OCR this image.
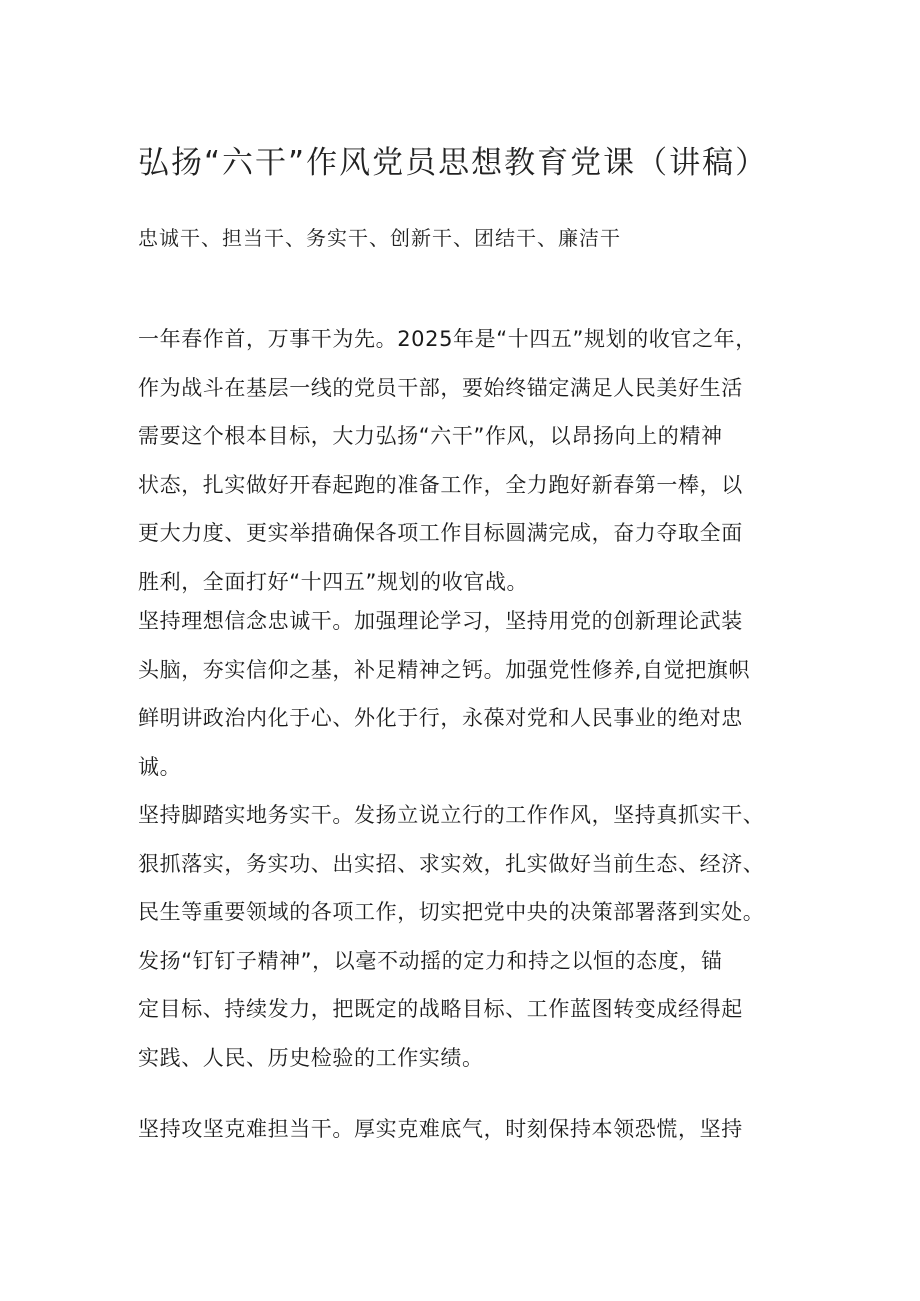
弘扬“六干”作风党员思想教育党课（讲稿）
忠诚干、担当干、务实干、创新干、团结干、廉洁干
一年春作首，万事干为先。2025年是“十四五”规划的收官之年，
作为战斗在基层一线的党员干部，要始终锚定满足人民美好生活
需要这个根本目标，大力弘扬“六干”作风，以昂扬向上的精神
状态，扎实做好开春起跑的准备工作，全力跑好新春第一棒，以
更大力度、更实举措确保各项工作目标圆满完成，奋力夺取全面
胜利，全面打好“十四五”规划的收官战。
坚持理想信念忠诚干。加强理论学习，坚持用党的创新理论武装
头脑，夯实信仰之基，补足精神之钙。加强党性修养,自觉把旗帜
鲜明讲政治内化于心、外化于行，永葆对党和人民事业的绝对忠
诚。
坚持脚踏实地务实干。发扬立说立行的工作作风，坚持真抓实干、
狠抓落实，务实功、出实招、求实效，扎实做好当前生态、经济、
民生等重要领域的各项工作，切实把党中央的决策部署落到实处。
发扬“钉钉子精神”，以毫不动摇的定力和持之以恒的态度，锚
定目标、持续发力，把既定的战略目标、工作蓝图转变成经得起
实践、人民、历史检验的工作实绩。
坚持攻坚克难担当干。厚实克难底气，时刻保持本领恐慌，坚持
